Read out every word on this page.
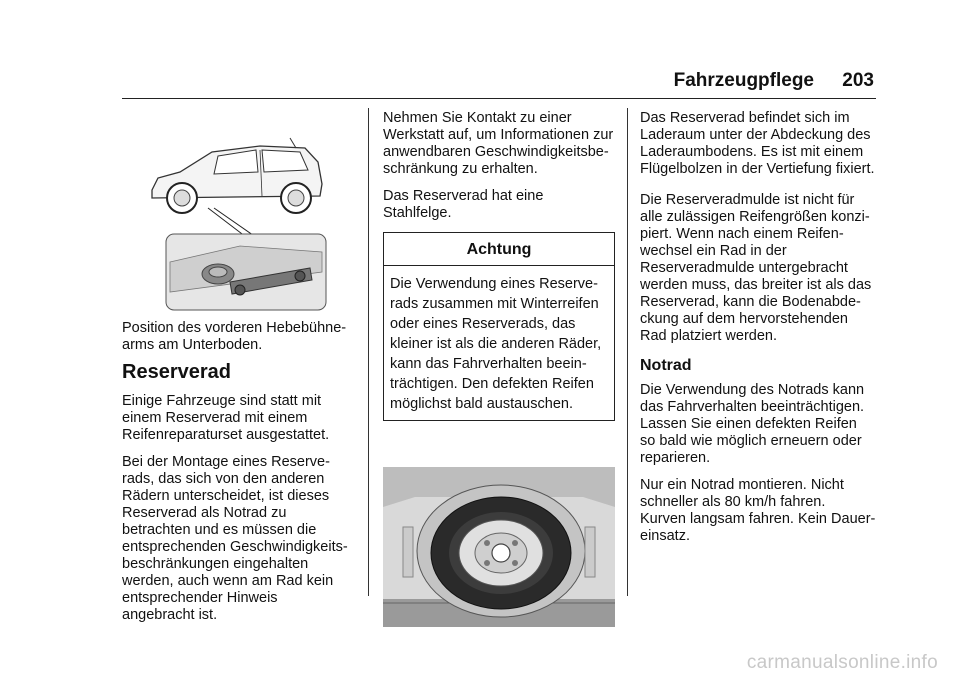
Fahrzeugpflege 203

Position des vorderen Hebebühne-
arms am Unterboden.

Reserverad

Einige Fahrzeuge sind statt mit
einem Reserverad mit einem
Reifenreparaturset ausgestattet.

Bei der Montage eines Reserve-
rads, das sich von den anderen
Rädern unterscheidet, ist dieses
Reserverad als Notrad zu
betrachten und es müssen die
entsprechenden Geschwindigkeits-
beschränkungen eingehalten
werden, auch wenn am Rad kein
entsprechender Hinweis
angebracht ist.

Nehmen Sie Kontakt zu einer
Werkstatt auf, um Informationen zur
anwendbaren Geschwindigkeitsbe-
schränkung zu erhalten.

Das Reserverad hat eine Stahlfelge.

Achtung
Die Verwendung eines Reserve-
rads zusammen mit Winterreifen
oder eines Reserverads, das
kleiner ist als die anderen Räder,
kann das Fahrverhalten beein-
trächtigen. Den defekten Reifen
möglichst bald austauschen.

Das Reserverad befindet sich im
Laderaum unter der Abdeckung des
Laderaumbodens. Es ist mit einem
Flügelbolzen in der Vertiefung fixiert.

Die Reserveradmulde ist nicht für
alle zulässigen Reifengrößen konzi-
piert. Wenn nach einem Reifen-
wechsel ein Rad in der
Reserveradmulde untergebracht
werden muss, das breiter ist als das
Reserverad, kann die Bodenabde-
ckung auf dem hervorstehenden
Rad platziert werden.

Notrad

Die Verwendung des Notrads kann
das Fahrverhalten beeinträchtigen.
Lassen Sie einen defekten Reifen
so bald wie möglich erneuern oder
reparieren.

Nur ein Notrad montieren. Nicht
schneller als 80 km/h fahren.
Kurven langsam fahren. Kein Dauer-
einsatz.

carmanualsonline.info
